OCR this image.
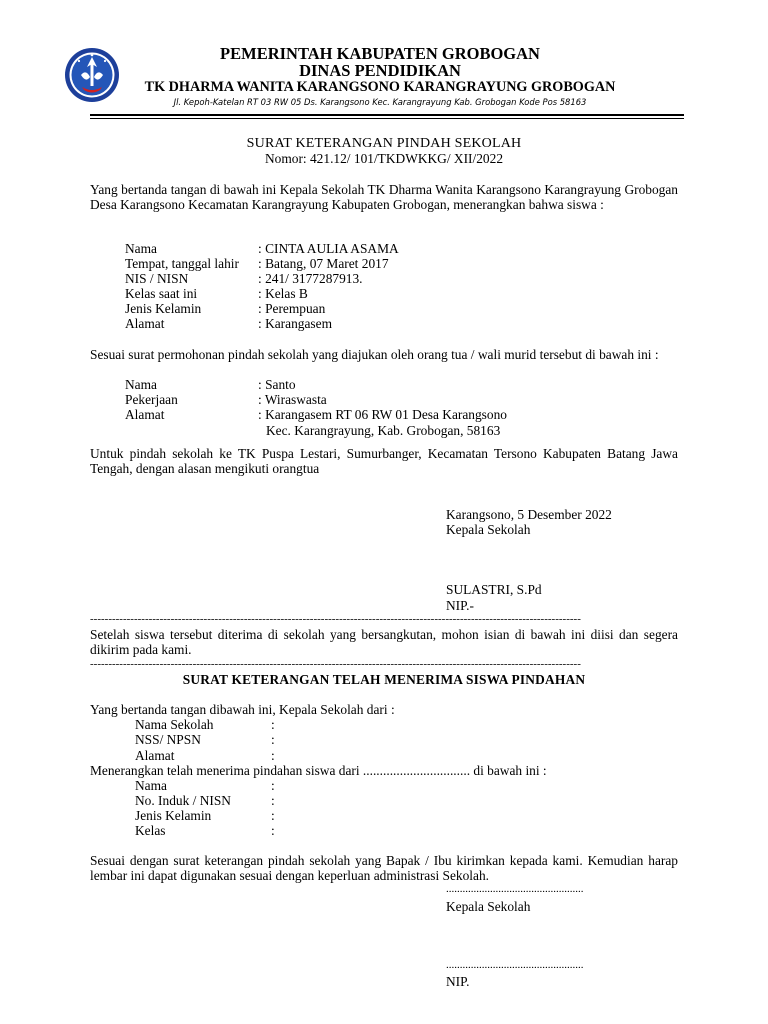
PEMERINTAH KABUPATEN GROBOGAN
DINAS PENDIDIKAN
TK DHARMA WANITA KARANGSONO KARANGRAYUNG GROBOGAN
Jl. Kepoh-Katelan RT 03 RW 05 Ds. Karangsono Kec. Karangrayung Kab. Grobogan Kode Pos 58163
SURAT KETERANGAN PINDAH SEKOLAH
Nomor: 421.12/ 101/TKDWKKG/ XII/2022
Yang bertanda tangan di bawah ini Kepala Sekolah TK Dharma Wanita Karangsono Karangrayung Grobogan Desa Karangsono Kecamatan Karangrayung Kabupaten Grobogan, menerangkan bahwa siswa :
Nama	: CINTA AULIA ASAMA
Tempat, tanggal lahir : Batang, 07 Maret 2017
NIS / NISN	: 241/ 3177287913.
Kelas saat ini	: Kelas B
Jenis Kelamin	: Perempuan
Alamat	: Karangasem
Sesuai surat permohonan pindah sekolah yang diajukan oleh orang tua / wali murid tersebut di bawah ini :
Nama	: Santo
Pekerjaan	: Wiraswasta
Alamat	: Karangasem RT 06 RW 01 Desa Karangsono
Kec. Karangrayung, Kab. Grobogan, 58163
Untuk pindah sekolah ke TK Puspa Lestari, Sumurbanger, Kecamatan Tersono Kabupaten Batang Jawa Tengah, dengan alasan mengikuti orangtua
Karangsono, 5 Desember 2022
Kepala Sekolah
SULASTRI, S.Pd
NIP.-
--------------------------------------------------------------------------------------------------------------------------------------
Setelah siswa tersebut diterima di sekolah yang bersangkutan, mohon isian di bawah ini diisi dan segera dikirim pada kami.
--------------------------------------------------------------------------------------------------------------------------------------
SURAT KETERANGAN TELAH MENERIMA SISWA PINDAHAN
Yang bertanda tangan dibawah ini, Kepala Sekolah dari :
Nama Sekolah	:
NSS/ NPSN	:
Alamat	:
Menerangkan telah menerima pindahan siswa dari ................................ di bawah ini :
Nama	:
No. Induk / NISN	:
Jenis Kelamin	:
Kelas	:
Sesuai dengan surat keterangan pindah sekolah yang Bapak / Ibu kirimkan kepada kami. Kemudian harap lembar ini dapat digunakan sesuai dengan keperluan administrasi Sekolah.
..................................................
Kepala Sekolah
..................................................
NIP.
